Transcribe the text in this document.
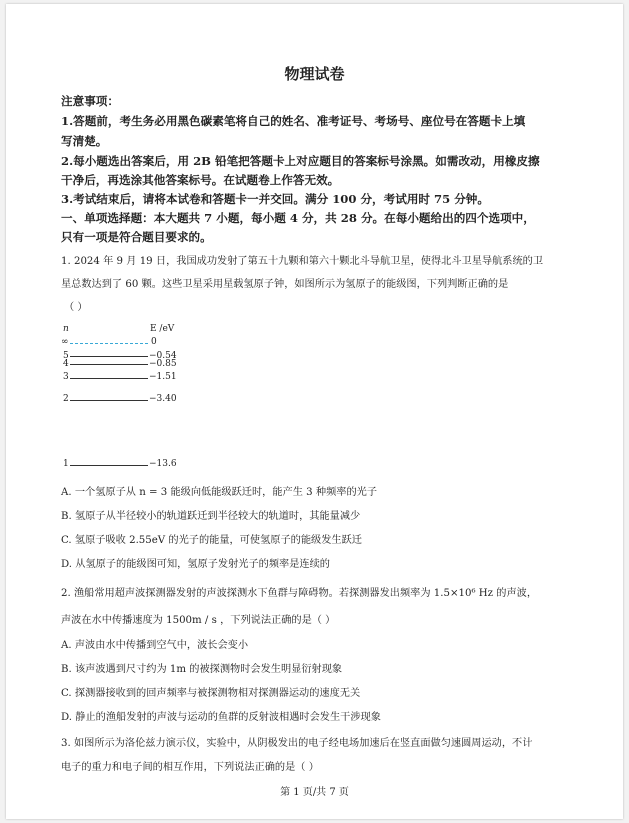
物理试卷
注意事项：
1.答题前，考生务必用黑色碳素笔将自己的姓名、准考证号、考场号、座位号在答题卡上填
写清楚。
2.每小题选出答案后，用 2B 铅笔把答题卡上对应题目的答案标号涂黑。如需改动，用橡皮擦
干净后，再选涂其他答案标号。在试题卷上作答无效。
3.考试结束后，请将本试卷和答题卡一并交回。满分 100 分，考试用时 75 分钟。
一、单项选择题：本大题共 7 小题，每小题 4 分，共 28 分。在每小题给出的四个选项中，
只有一项是符合题目要求的。
1. 2024 年 9 月 19 日，我国成功发射了第五十九颗和第六十颗北斗导航卫星，使得北斗卫星导航系统的卫
星总数达到了 60 颗。这些卫星采用星载氢原子钟，如图所示为氢原子的能级图，下列判断正确的是
（ ）
n	E /eV
∞	0
5	−0.54
4	−0.85
3	−1.51
2	−3.40
1	−13.6
A. 一个氢原子从 n = 3 能级向低能级跃迁时，能产生 3 种频率的光子
B. 氢原子从半径较小的轨道跃迁到半径较大的轨道时，其能量减少
C. 氢原子吸收 2.55eV 的光子的能量，可使氢原子的能级发生跃迁
D. 从氢原子的能级图可知，氢原子发射光子的频率是连续的
2. 渔船常用超声波探测器发射的声波探测水下鱼群与障碍物。若探测器发出频率为 1.5×10⁶ Hz 的声波，
声波在水中传播速度为 1500m / s ，下列说法正确的是（ ）
A. 声波由水中传播到空气中，波长会变小
B. 该声波遇到尺寸约为 1m 的被探测物时会发生明显衍射现象
C. 探测器接收到的回声频率与被探测物相对探测器运动的速度无关
D. 静止的渔船发射的声波与运动的鱼群的反射波相遇时会发生干涉现象
3. 如图所示为洛伦兹力演示仪，实验中，从阴极发出的电子经电场加速后在竖直面做匀速圆周运动，不计
电子的重力和电子间的相互作用，下列说法正确的是（ ）
第 1 页/共 7 页
